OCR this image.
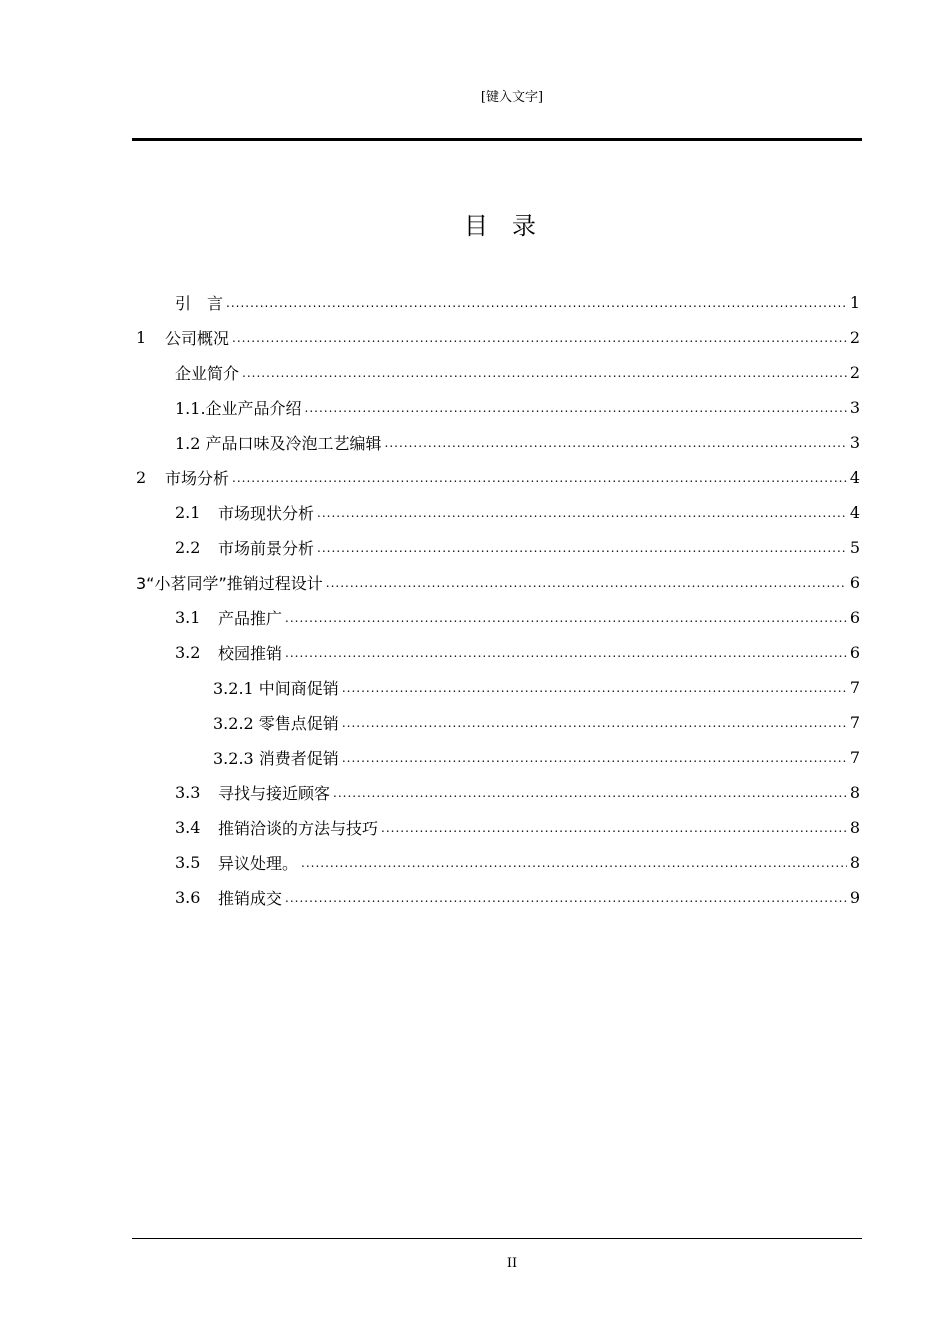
[键入文字]
目录
引　言 .....	1
1	公司概况 .....	2
企业简介 .....	2
1.1.企业产品介绍 .....	3
1.2 产品口味及冷泡工艺编辑 .....	3
2	市场分析 .....	4
2.1	市场现状分析 .....	4
2.2	市场前景分析 .....	5
3“小茗同学”推销过程设计 .....	6
3.1	产品推广 .....	6
3.2	校园推销 .....	6
3.2.1 中间商促销 .....	7
3.2.2 零售点促销 .....	7
3.2.3 消费者促销 .....	7
3.3	寻找与接近顾客 .....	8
3.4	推销洽谈的方法与技巧 .....	8
3.5	异议处理。 .....	8
3.6	推销成交 .....	9
II
